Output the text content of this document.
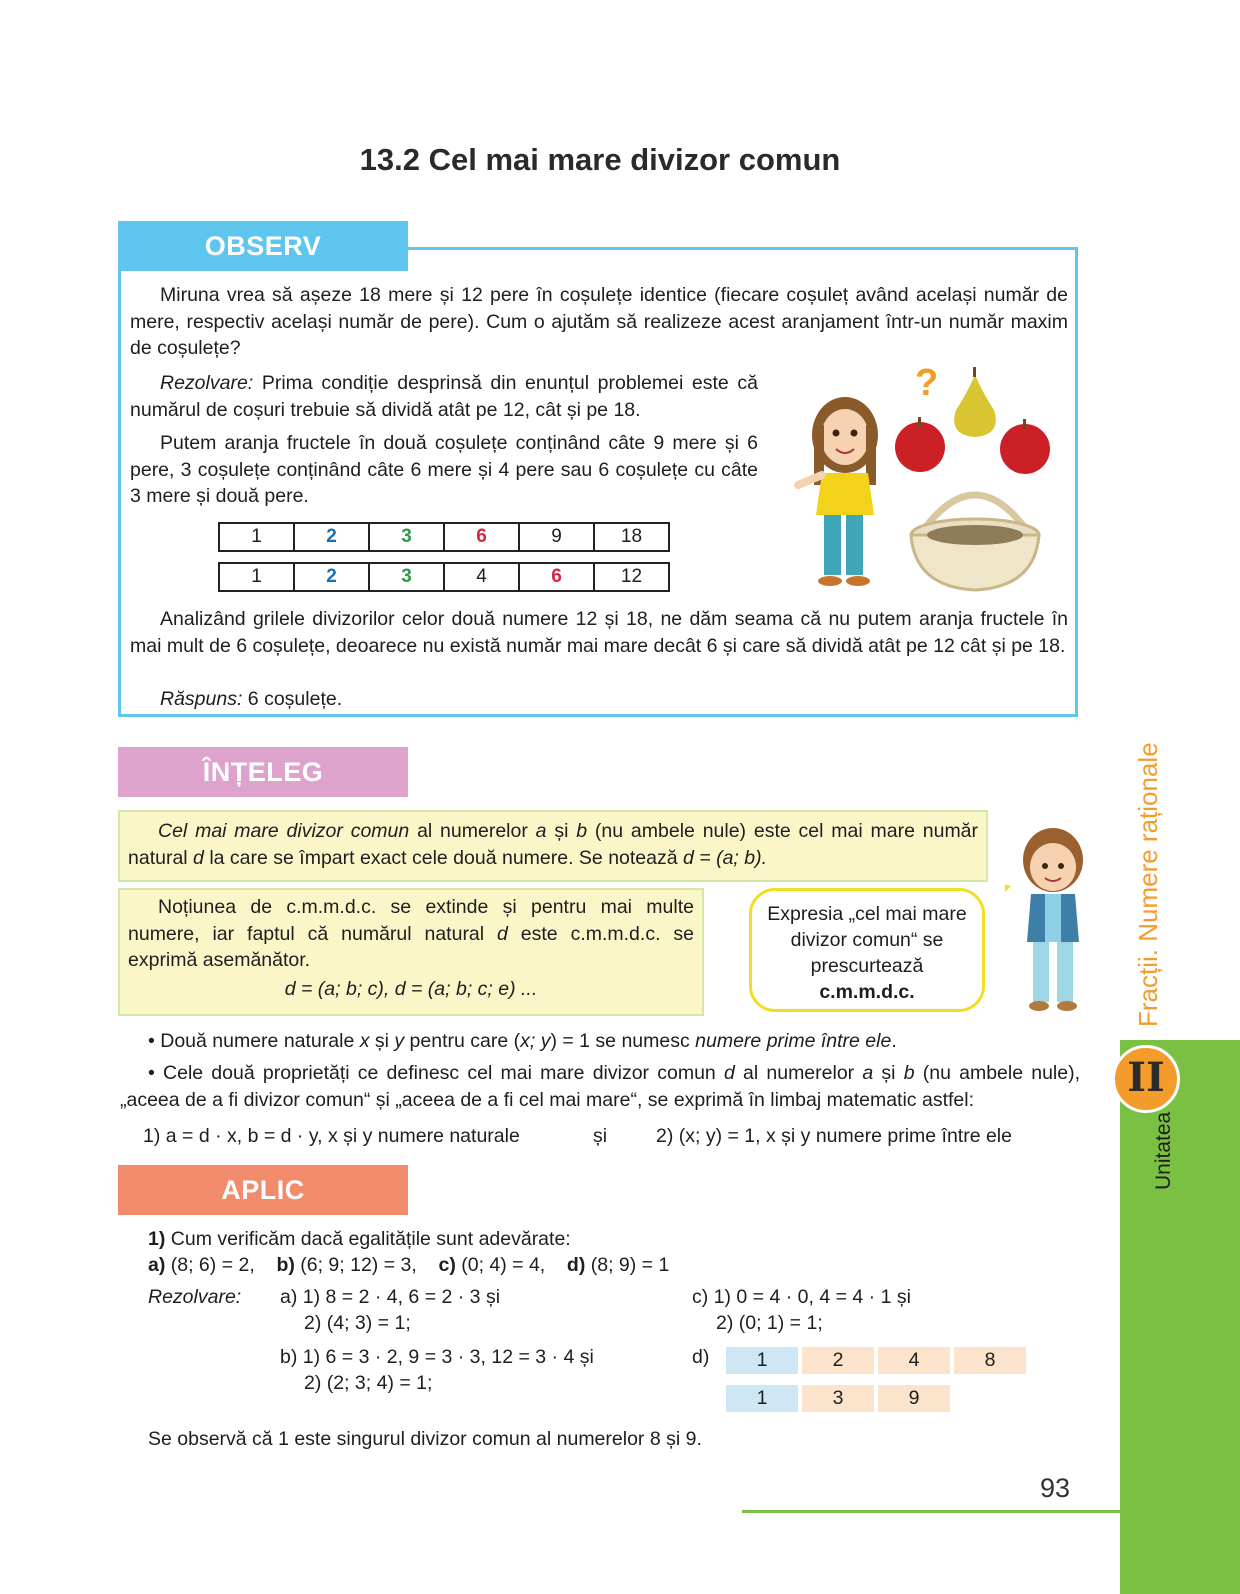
13.2 Cel mai mare divizor comun
OBSERV

Miruna vrea să așeze 18 mere și 12 pere în coșulețe identice (fiecare coșuleț având același număr de mere, respectiv același număr de pere). Cum o ajutăm să realizeze acest aranjament într-un număr maxim de coșulețe?

Rezolvare: Prima condiție desprinsă din enunțul problemei este că numărul de coșuri trebuie să dividă atât pe 12, cât și pe 18.

Putem aranja fructele în două coșulețe conținând câte 9 mere și 6 pere, 3 coșulețe conținând câte 6 mere și 4 pere sau 6 coșulețe cu câte 3 mere și două pere.

1	2	3	6	9	18
1	2	3	4	6	12
?

Analizând grilele divizorilor celor două numere 12 și 18, ne dăm seama că nu putem aranja fructele în mai mult de 6 coșulețe, deoarece nu există număr mai mare decât 6 și care să dividă atât pe 12 cât și pe 18.

Răspuns: 6 coșulețe.

ÎNȚELEG

Cel mai mare divizor comun al numerelor a și b (nu ambele nule) este cel mai mare număr natural d la care se împart exact cele două numere. Se notează d = (a; b).

Noțiunea de c.m.m.d.c. se extinde și pentru mai multe numere, iar faptul că numărul natural d este c.m.m.d.c. se exprimă asemănător.

d = (a; b; c), d = (a; b; c; e) ...

Expresia „cel mai mare divizor comun“ se prescurtează

c.m.m.d.c.

• Două numere naturale x și y pentru care (x; y) = 1 se numesc numere prime între ele.

• Cele două proprietăți ce definesc cel mai mare divizor comun d al numerelor a și b (nu ambele nule), „aceea de a fi divizor comun“ și „aceea de a fi cel mai mare“, se exprimă în limbaj matematic astfel:

1) a = d · x, b = d · y, x și y numere naturale	și	2) (x; y) = 1, x și y numere prime între ele

APLIC

1) Cum verificăm dacă egalitățile sunt adevărate:

a) (8; 6) = 2, b) (6; 9; 12) = 3, c) (0; 4) = 4, d) (8; 9) = 1

Rezolvare: a) 1) 8 = 2 · 4, 6 = 2 · 3 și

2) (4; 3) = 1;

b) 1) 6 = 3 · 2, 9 = 3 · 3, 12 = 3 · 4 și

2) (2; 3; 4) = 1;

c) 1) 0 = 4 · 0, 4 = 4 · 1 și

2) (0; 1) = 1;

d)	1	2	4	8
1	3	9

Se observă că 1 este singurul divizor comun al numerelor 8 și 9.

93
II
Unitatea
Fracții. Numere raționale
